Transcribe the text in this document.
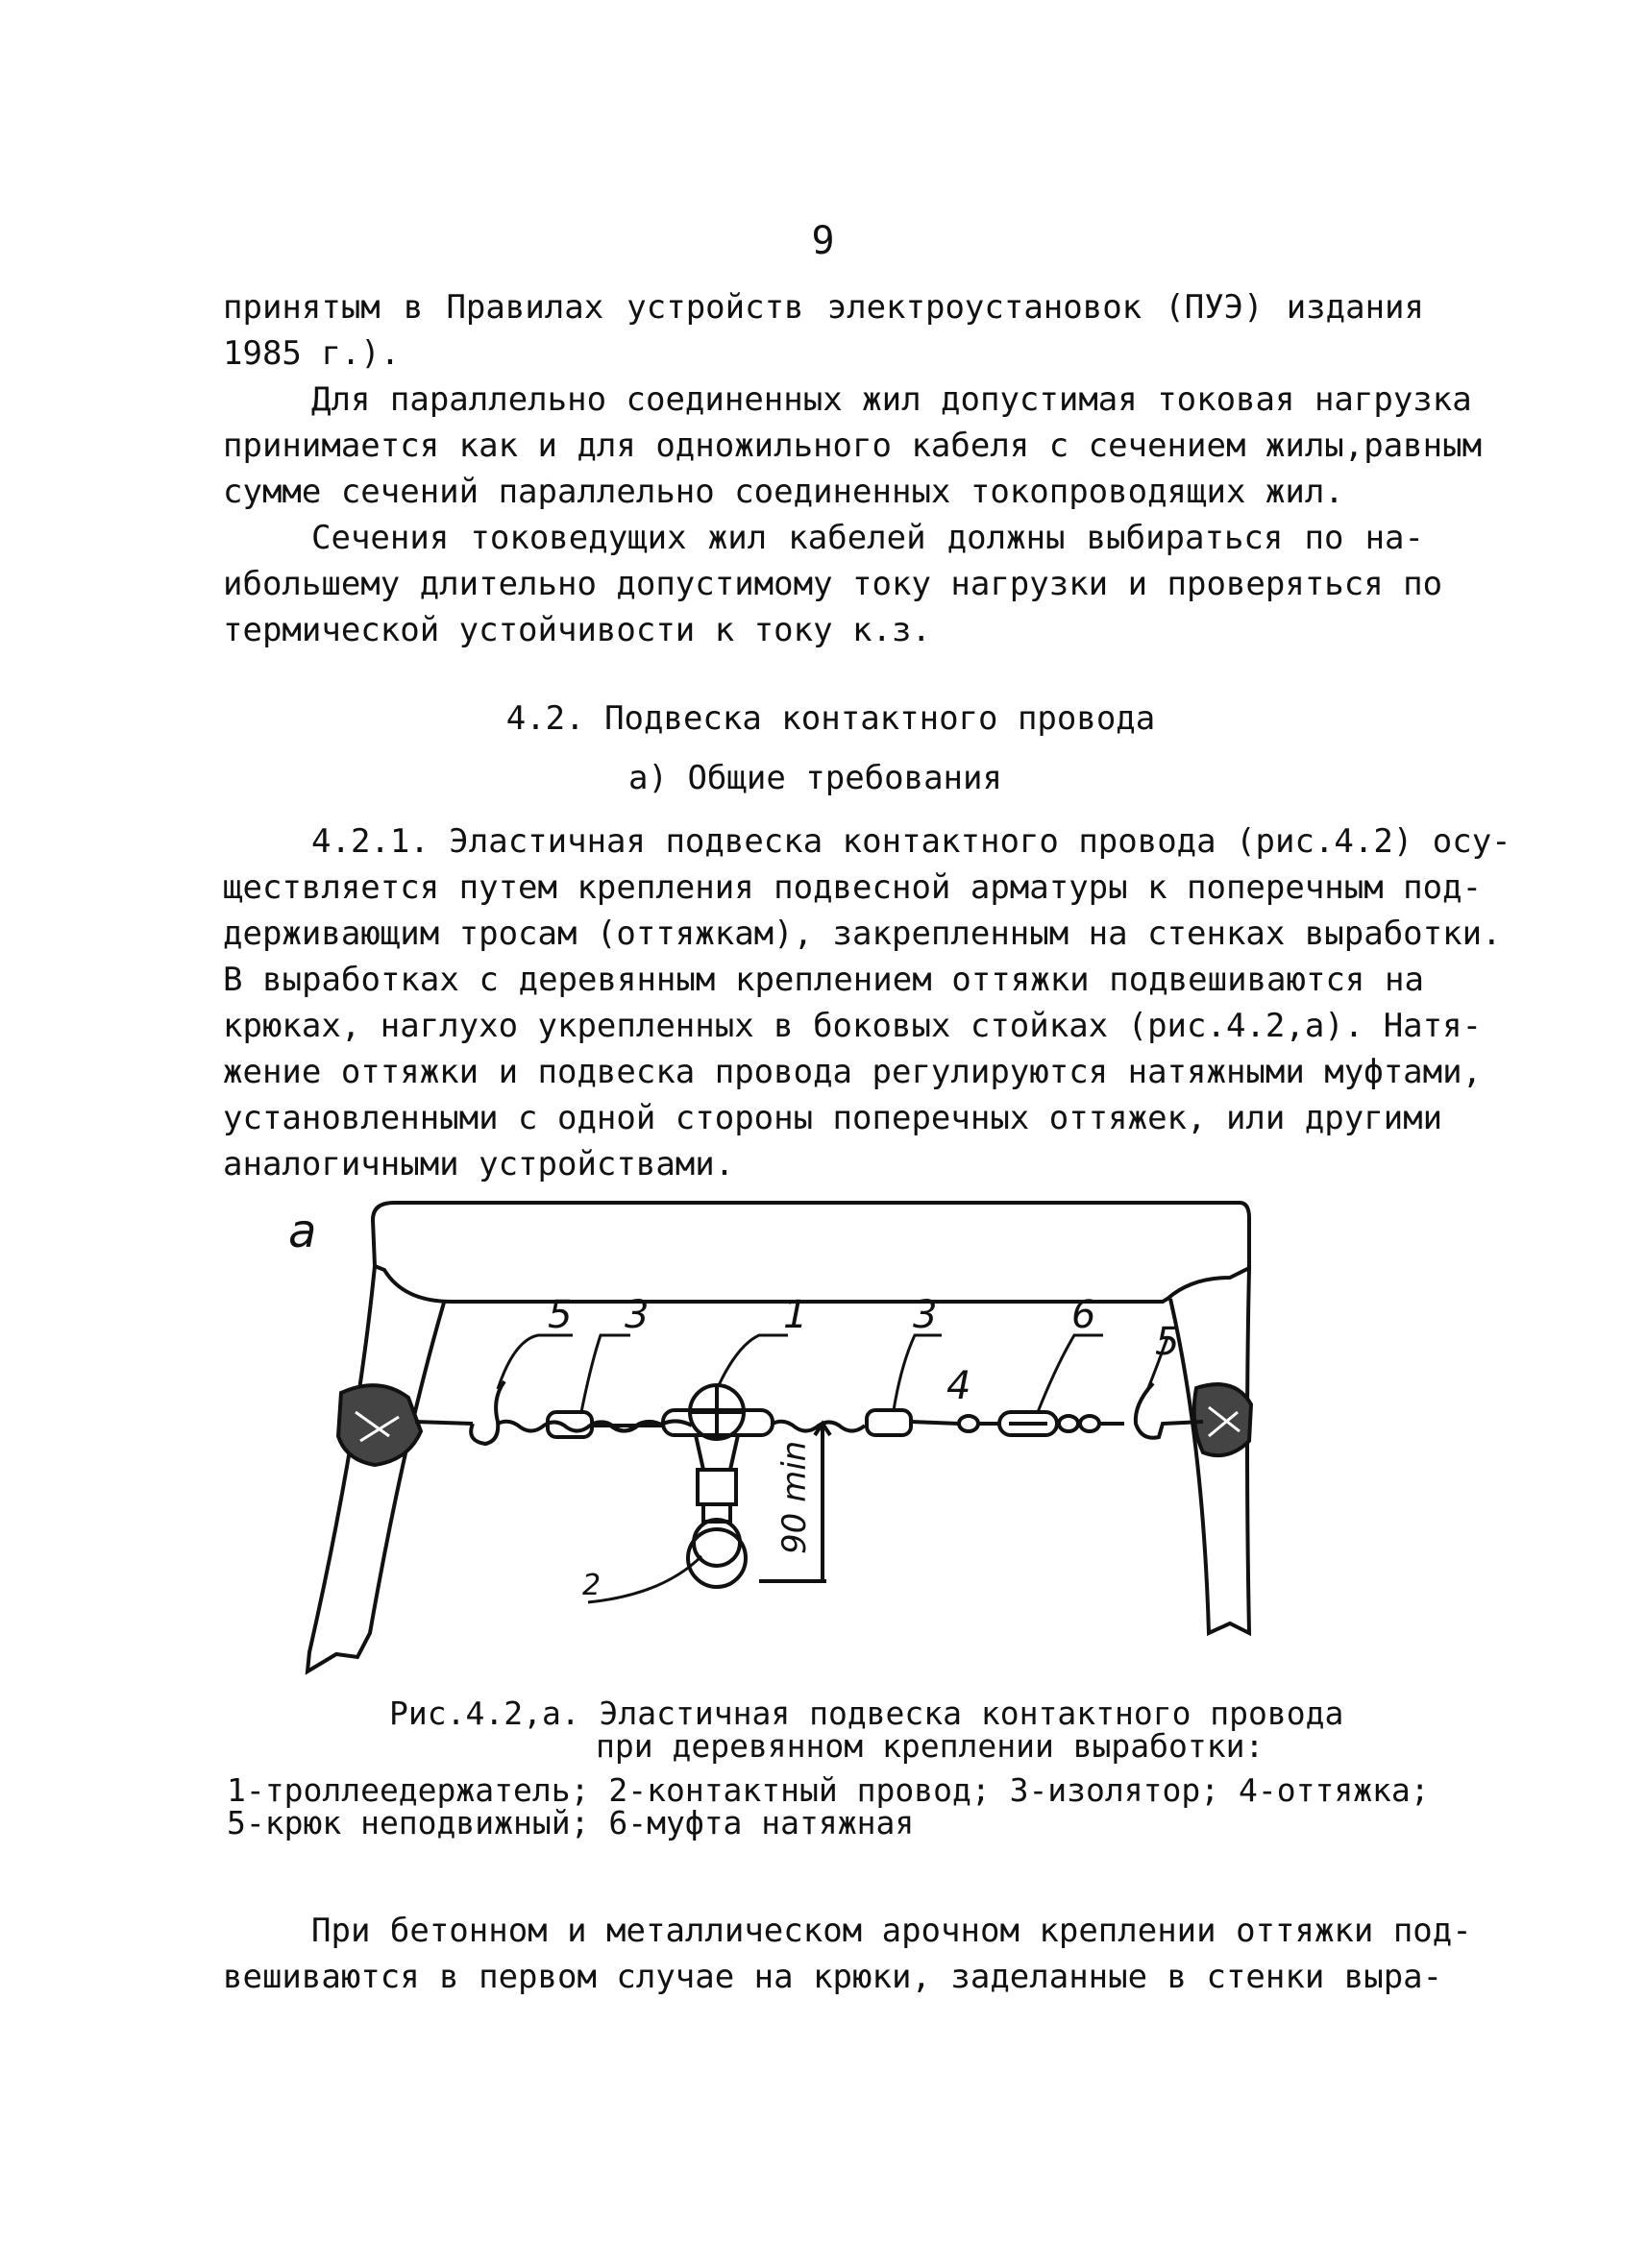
9
принятым в Правилах устройств электроустановок (ПУЭ) издания
1985 г.).
Для параллельно соединенных жил допустимая токовая нагрузка
принимается как и для одножильного кабеля с сечением жилы,равным
сумме сечений параллельно соединенных токопроводящих жил.
Сечения токоведущих жил кабелей должны выбираться по на-
ибольшему длительно допустимому току нагрузки и проверяться по
термической устойчивости к току к.з.
4.2. Подвеска контактного провода
а) Общие требования
4.2.1. Эластичная подвеска контактного провода (рис.4.2) осу-
ществляется путем крепления подвесной арматуры к поперечным под-
держивающим тросам (оттяжкам), закрепленным на стенках выработки.
В выработках с деревянным креплением оттяжки подвешиваются на
крюках, наглухо укрепленных в боковых стойках (рис.4.2,а). Натя-
жение оттяжки и подвеска провода регулируются натяжными муфтами,
установленными с одной стороны поперечных оттяжек, или другими
аналогичными устройствами.
а
90 min
5 3	1	3
4
6
5
2
Рис.4.2,а. Эластичная подвеска контактного провода
при деревянном креплении выработки:
1-троллеедержатель; 2-контактный провод; 3-изолятор; 4-оттяжка;
5-крюк неподвижный; 6-муфта натяжная
При бетонном и металлическом арочном креплении оттяжки под-
вешиваются в первом случае на крюки, заделанные в стенки выра-
